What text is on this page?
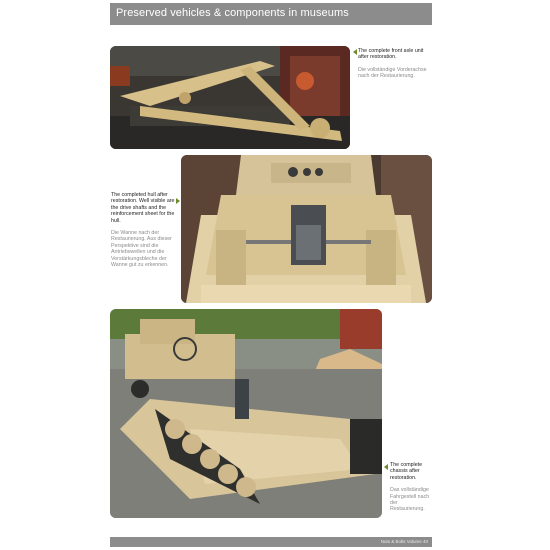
Preserved vehicles & components in museums
The complete front axle unit after restoration.
Die vollständige Vorderachse nach der Restaurierung.
The completed hull after restoration. Well visible are the drive shafts and the reinforcement sheet for the hull.
Die Wanne nach der Restaurierung. Aus dieser Perspektive sind die Antriebswellen und die Verstärkungsbleche der Wanne gut zu erkennen.
The complete chassis after restoration.
Das vollständige Fahrgestell nach der Restaurierung.
Nuts & Bolts Volume 40
